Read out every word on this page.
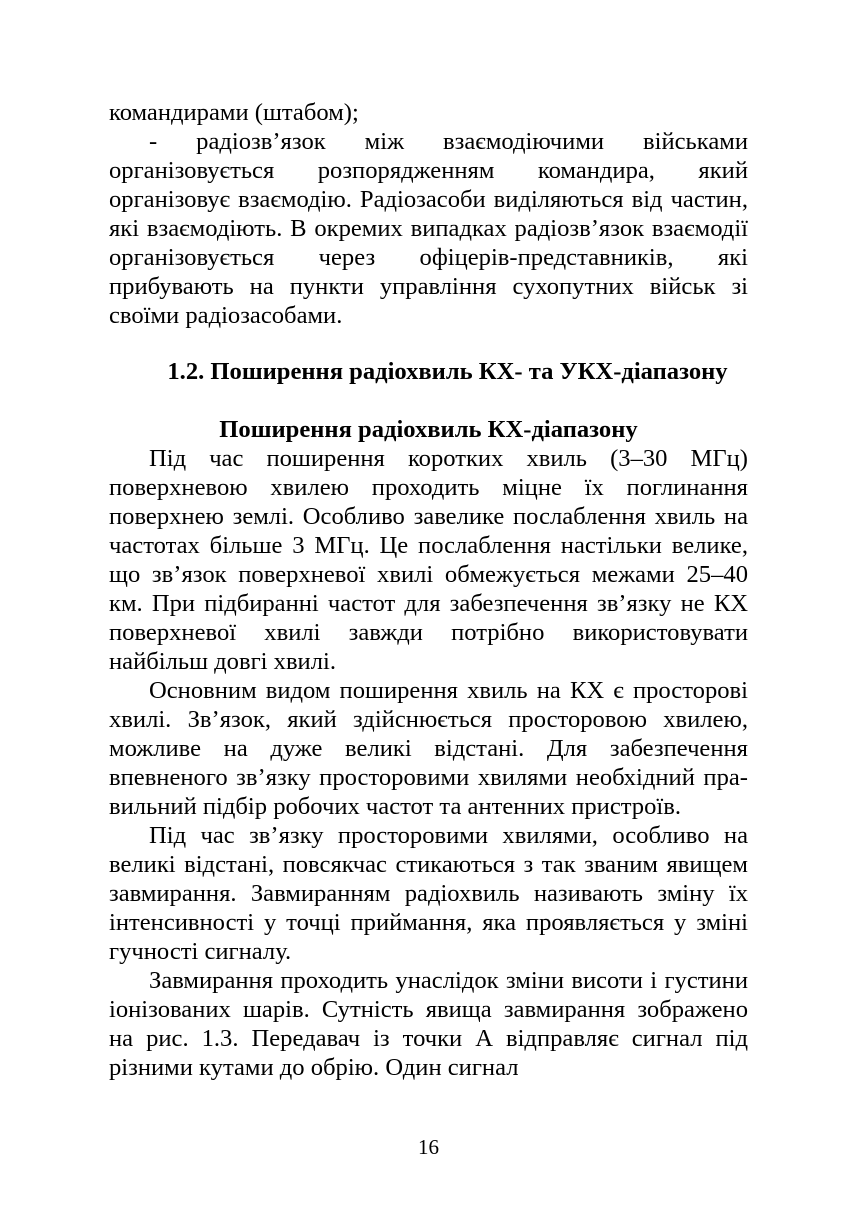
командирами (штабом);

- радіозв’язок між взаємодіючими військами організовується розпорядженням командира, який організовує взаємодію. Радіозасоби виділяються від частин, які взаємодіють. В окремих випадках радіозв’язок взаємодії організовується через офіцерів-представників, які прибувають на пункти управління сухопутних військ зі своїми радіозасобами.

1.2. Поширення радіохвиль КХ- та УКХ-діапазону
Поширення радіохвиль КХ-діапазону

Під час поширення коротких хвиль (3–30 МГц) поверхневою хвилею проходить міцне їх поглинання поверхнею землі. Особливо завелике послаблення хвиль на частотах більше 3 МГц. Це послаблення настільки велике, що зв’язок поверхневої хвилі обмежується межами 25–40 км. При підбиранні частот для забезпечення зв’язку не КХ поверхневої хвилі завжди потрібно використовувати найбільш довгі хвилі.

Основним видом поширення хвиль на КХ є просторові хвилі. Зв’язок, який здійснюється просторовою хвилею, можливе на дуже великі відстані. Для забезпечення впевненого зв’язку просторовими хвилями необхідний пра-вильний підбір робочих частот та антенних пристроїв.

Під час зв’язку просторовими хвилями, особливо на великі відстані, повсякчас стикаються з так званим явищем завмирання. Завмиранням радіохвиль називають зміну їх інтенсивності у точці приймання, яка проявляється у зміні гучності сигналу.

Завмирання проходить унаслідок зміни висоти і густини іонізованих шарів. Сутність явища завмирання зображено на рис. 1.3. Передавач із точки А відправляє сигнал під різними кутами до обрію. Один сигнал

16
